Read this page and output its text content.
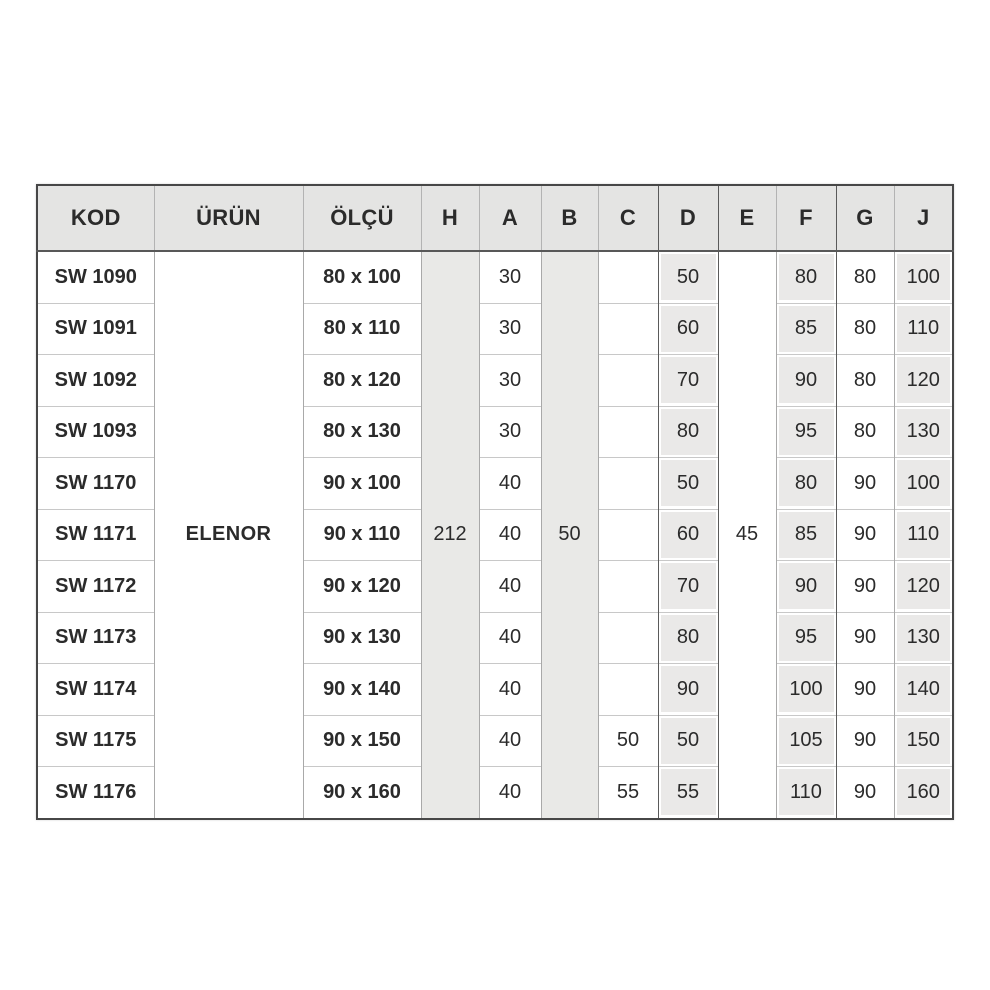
KOD	ÜRÜN	ÖLÇÜ	H	A	B	C	D	E	F	G	J
SW 1090	ELENOR	80 x 100	212	30	50		50	45	80	80	100

SW 1091		80 x 110		30			60		85	80	110

SW 1092		80 x 120		30			70		90	80	120

SW 1093		80 x 130		30			80		95	80	130

SW 1170		90 x 100		40			50		80	90	100

SW 1171		90 x 110		40			60		85	90	110

SW 1172		90 x 120		40			70		90	90	120

SW 1173		90 x 130		40			80		95	90	130

SW 1174		90 x 140		40			90		100	90	140

SW 1175		90 x 150		40		50	50		105	90	150

SW 1176		90 x 160		40		55	55		110	90	160
